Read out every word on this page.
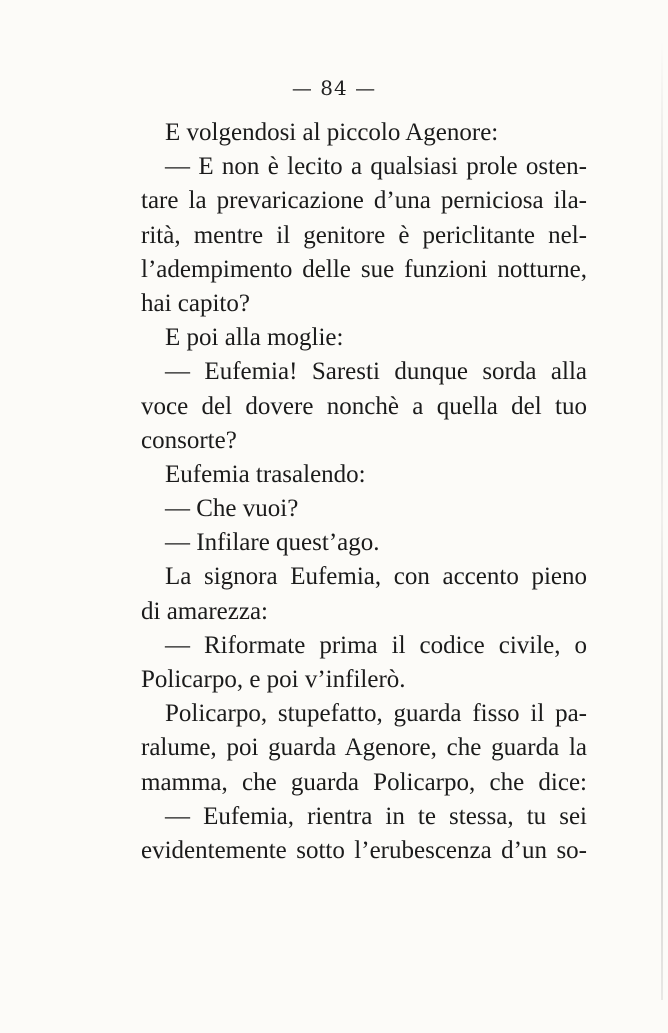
— 84 —
E volgendosi al piccolo Agenore:
— E non è lecito a qualsiasi prole osten-
tare la prevaricazione d’una perniciosa ila-
rità, mentre il genitore è periclitante nel-
l’adempimento delle sue funzioni notturne,
hai capito?
E poi alla moglie:
— Eufemia! Saresti dunque sorda alla
voce del dovere nonchè a quella del tuo
consorte?
Eufemia trasalendo:
— Che vuoi?
— Infilare quest’ago.
La signora Eufemia, con accento pieno
di amarezza:
— Riformate prima il codice civile, o
Policarpo, e poi v’infilerò.
Policarpo, stupefatto, guarda fisso il pa-
ralume, poi guarda Agenore, che guarda la
mamma, che guarda Policarpo, che dice:
— Eufemia, rientra in te stessa, tu sei
evidentemente sotto l’erubescenza d’un so-
